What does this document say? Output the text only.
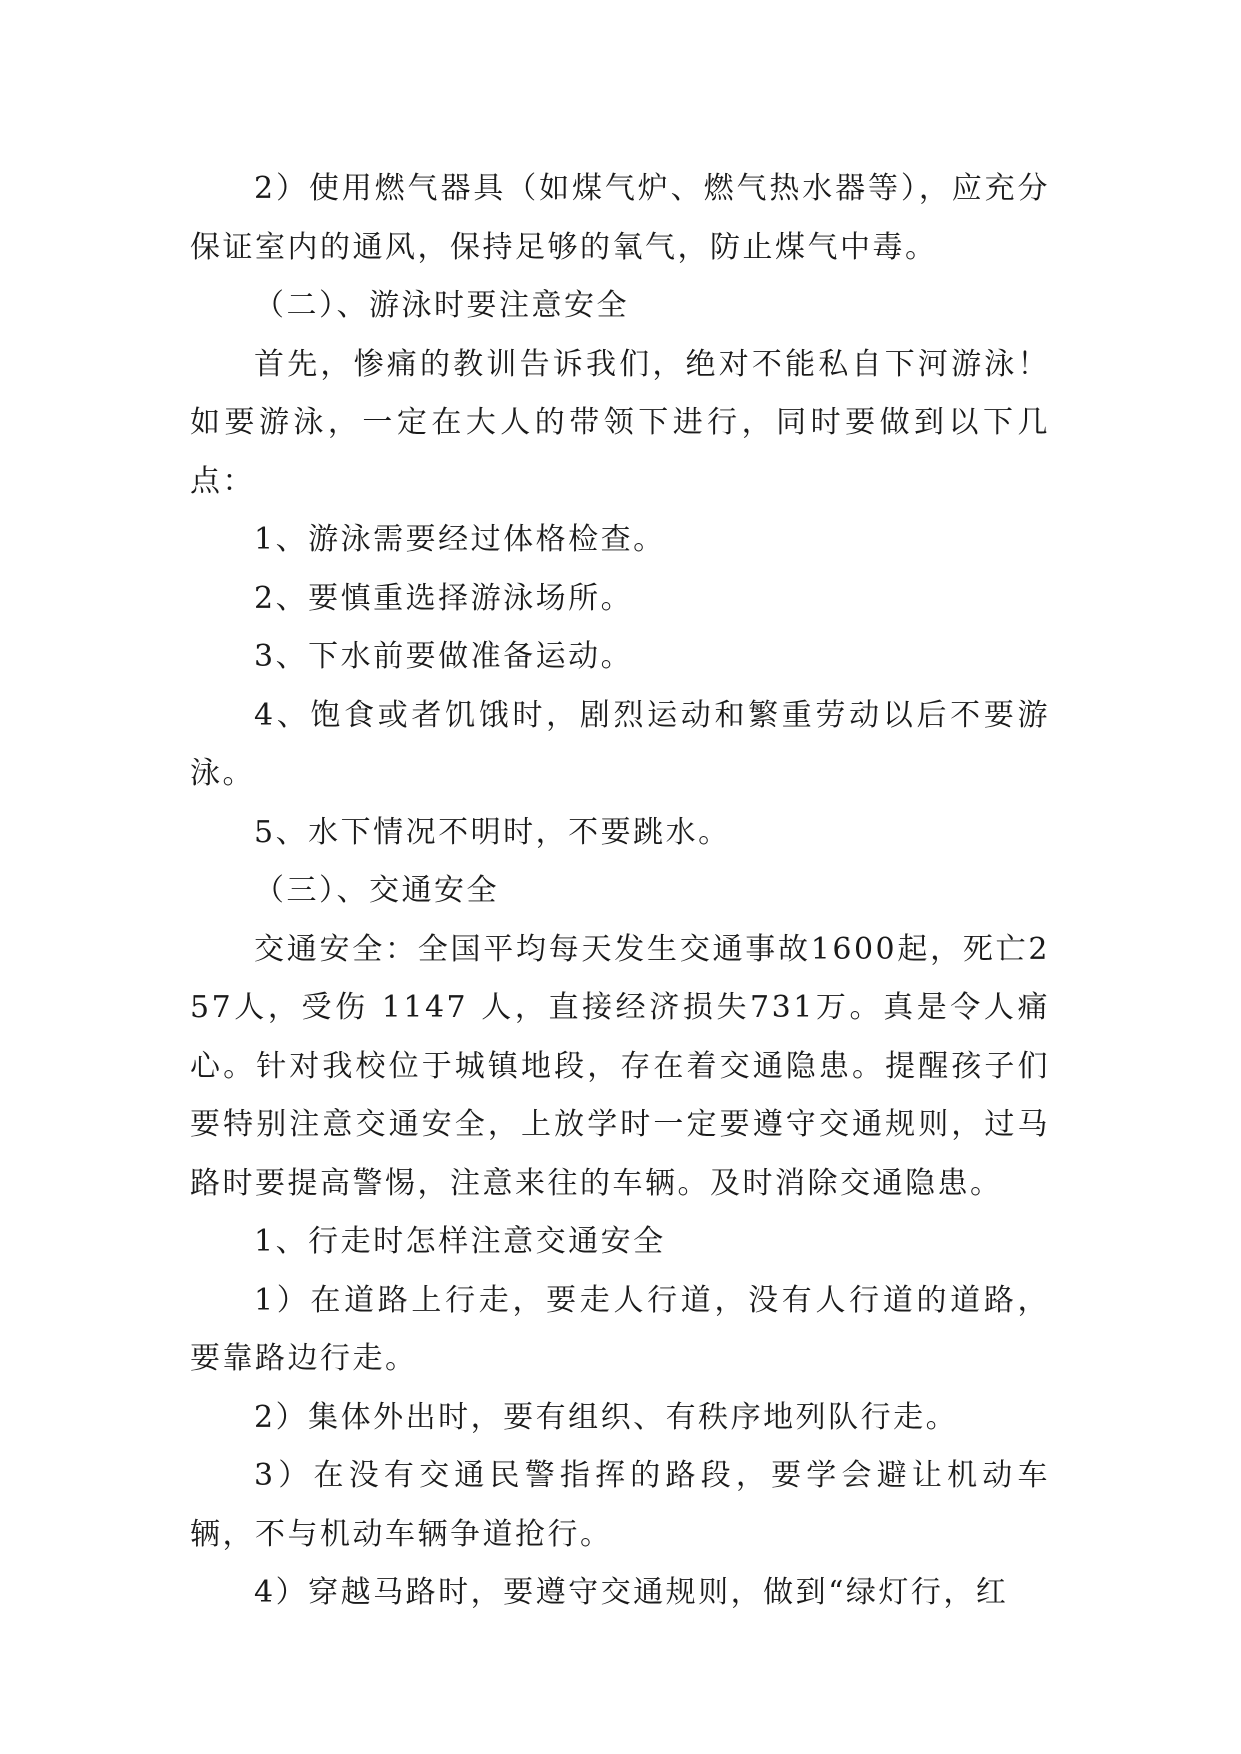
2）使用燃气器具（如煤气炉、燃气热水器等），应充分保证室内的通风，保持足够的氧气，防止煤气中毒。

（二）、游泳时要注意安全

首先，惨痛的教训告诉我们，绝对不能私自下河游泳！如要游泳，一定在大人的带领下进行，同时要做到以下几点：

1、游泳需要经过体格检查。

2、要慎重选择游泳场所。

3、下水前要做准备运动。

4、饱食或者饥饿时，剧烈运动和繁重劳动以后不要游泳。

5、水下情况不明时，不要跳水。

（三）、交通安全

交通安全：全国平均每天发生交通事故1600起，死亡257人，受伤 1147 人，直接经济损失731万。真是令人痛心。针对我校位于城镇地段，存在着交通隐患。提醒孩子们要特别注意交通安全，上放学时一定要遵守交通规则，过马路时要提高警惕，注意来往的车辆。及时消除交通隐患。

1、行走时怎样注意交通安全

1）在道路上行走，要走人行道，没有人行道的道路，要靠路边行走。

2）集体外出时，要有组织、有秩序地列队行走。

3）在没有交通民警指挥的路段，要学会避让机动车辆，不与机动车辆争道抢行。

4）穿越马路时，要遵守交通规则，做到“绿灯行，红
